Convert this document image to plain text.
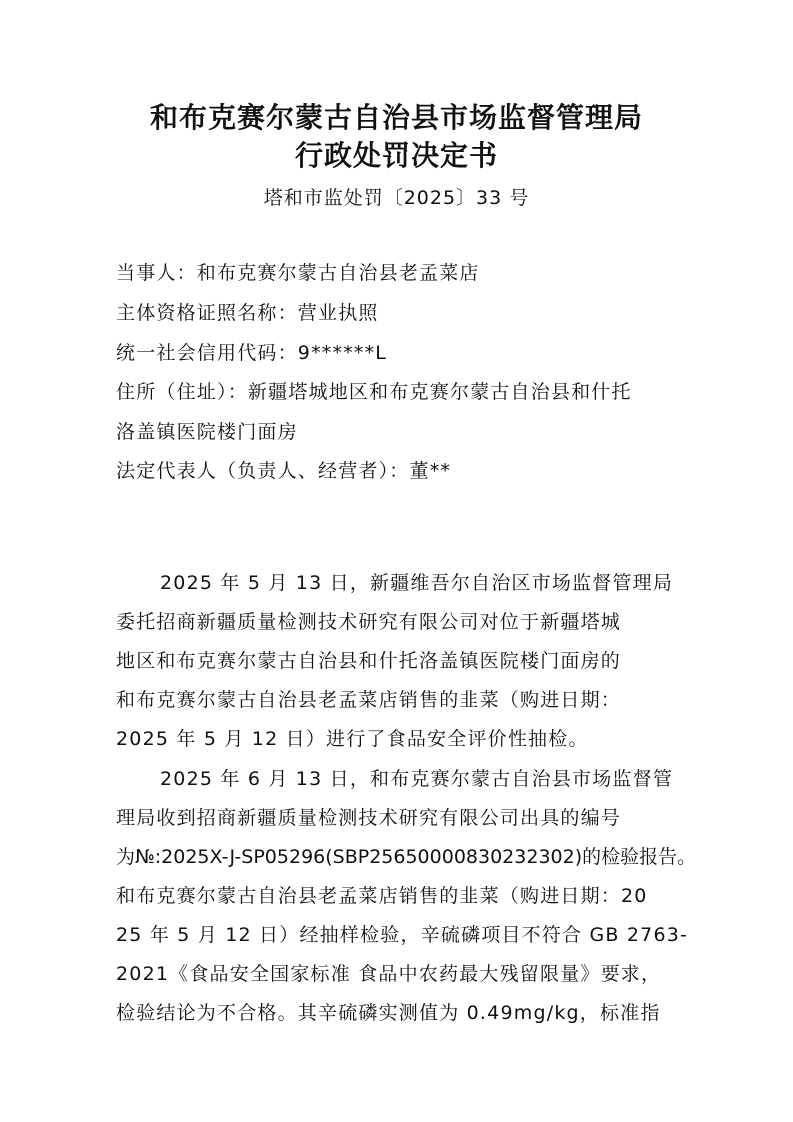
和布克赛尔蒙古自治县市场监督管理局
行政处罚决定书
塔和市监处罚〔2025〕33 号
当事人：和布克赛尔蒙古自治县老孟菜店
主体资格证照名称：营业执照
统一社会信用代码：9******L
住所（住址）：新疆塔城地区和布克赛尔蒙古自治县和什托
洛盖镇医院楼门面房
法定代表人（负责人、经营者）：董**
2025 年 5 月 13 日，新疆维吾尔自治区市场监督管理局
委托招商新疆质量检测技术研究有限公司对位于新疆塔城
地区和布克赛尔蒙古自治县和什托洛盖镇医院楼门面房的
和布克赛尔蒙古自治县老孟菜店销售的韭菜（购进日期：
2025 年 5 月 12 日）进行了食品安全评价性抽检。
2025 年 6 月 13 日，和布克赛尔蒙古自治县市场监督管
理局收到招商新疆质量检测技术研究有限公司出具的编号
为№:2025X-J-SP05296(SBP25650000830232302)的检验报告。
和布克赛尔蒙古自治县老孟菜店销售的韭菜（购进日期：20
25 年 5 月 12 日）经抽样检验，辛硫磷项目不符合 GB 2763-
2021《食品安全国家标准 食品中农药最大残留限量》要求，
检验结论为不合格。其辛硫磷实测值为 0.49mg/kg，标准指
